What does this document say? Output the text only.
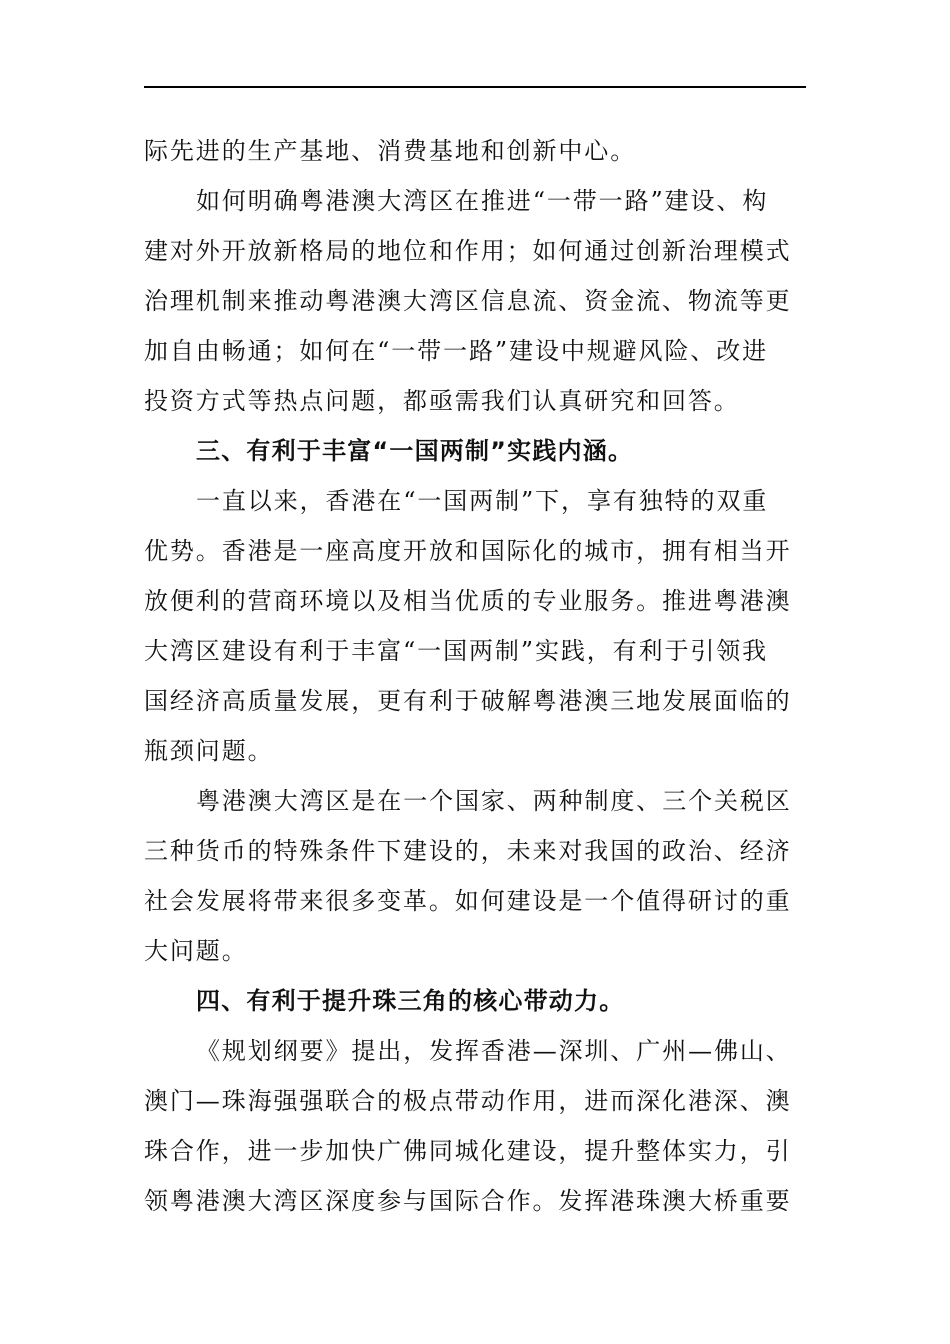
际先进的生产基地、消费基地和创新中心。
如何明确粤港澳大湾区在推进“一带一路”建设、构
建对外开放新格局的地位和作用；如何通过创新治理模式
治理机制来推动粤港澳大湾区信息流、资金流、物流等更
加自由畅通；如何在“一带一路”建设中规避风险、改进
投资方式等热点问题，都亟需我们认真研究和回答。
三、有利于丰富“一国两制”实践内涵。
一直以来，香港在“一国两制”下，享有独特的双重
优势。香港是一座高度开放和国际化的城市，拥有相当开
放便利的营商环境以及相当优质的专业服务。推进粤港澳
大湾区建设有利于丰富“一国两制”实践，有利于引领我
国经济高质量发展，更有利于破解粤港澳三地发展面临的
瓶颈问题。
粤港澳大湾区是在一个国家、两种制度、三个关税区
三种货币的特殊条件下建设的，未来对我国的政治、经济
社会发展将带来很多变革。如何建设是一个值得研讨的重
大问题。
四、有利于提升珠三角的核心带动力。
《规划纲要》提出，发挥香港—深圳、广州—佛山、
澳门—珠海强强联合的极点带动作用，进而深化港深、澳
珠合作，进一步加快广佛同城化建设，提升整体实力，引
领粤港澳大湾区深度参与国际合作。发挥港珠澳大桥重要
